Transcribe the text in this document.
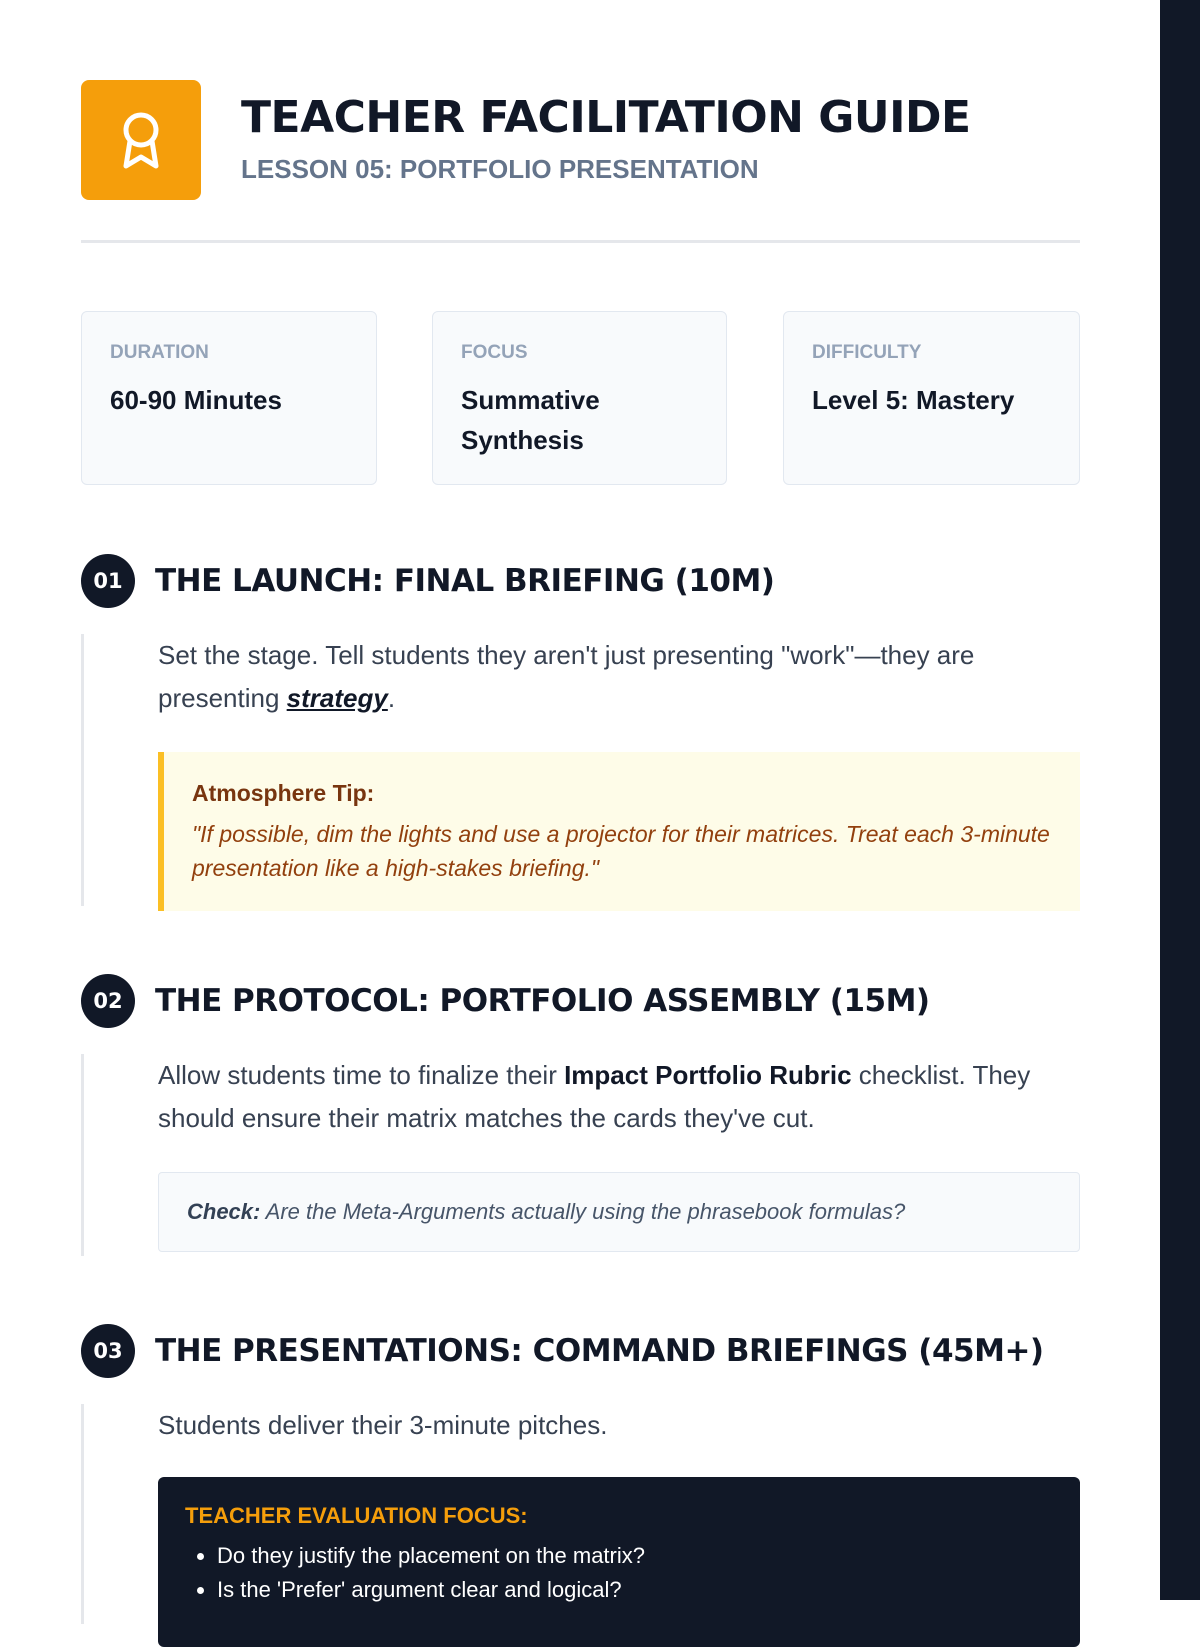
TEACHER FACILITATION GUIDE

LESSON 05: PORTFOLIO PRESENTATION

DURATION
60-90 Minutes
FOCUS
Summative Synthesis
DIFFICULTY
Level 5: Mastery
01	THE LAUNCH: FINAL BRIEFING (10M)

Set the stage. Tell students they aren't just presenting "work"—they are presenting strategy.

Atmosphere Tip:

"If possible, dim the lights and use a projector for their matrices. Treat each 3-minute presentation like a high-stakes briefing."

02	THE PROTOCOL: PORTFOLIO ASSEMBLY (15M)

Allow students time to finalize their Impact Portfolio Rubric checklist. They should ensure their matrix matches the cards they've cut.

Check: Are the Meta-Arguments actually using the phrasebook formulas?
03	THE PRESENTATIONS: COMMAND BRIEFINGS (45M+)

Students deliver their 3-minute pitches.

TEACHER EVALUATION FOCUS:

• Do they justify the placement on the matrix?
• Is the 'Prefer' argument clear and logical?
